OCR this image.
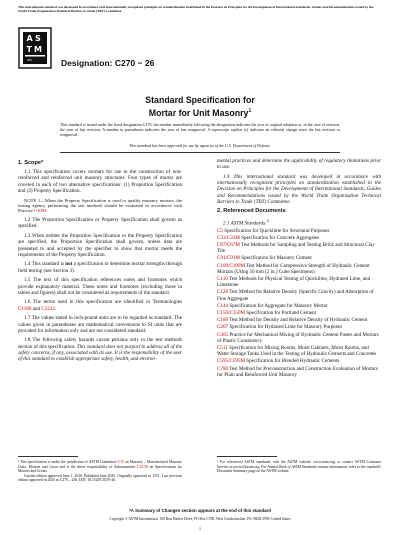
This international standard was developed in accordance with internationally recognized principles on standardization established in the Decision on Principles for the Development of International Standards, Guides and Recommendations issued by the World Trade Organization Technical Barriers to Trade (TBT) Committee.
A S
T M
INTL	Designation: C270 − 26
Standard Specification for
Mortar for Unit Masonry$^1$
This standard is issued under the fixed designation C270; the number immediately following the designation indicates the year of original adoption or, in the case of revision, the year of last revision. A number in parentheses indicates the year of last reapproval. A superscript epsilon (ε) indicates an editorial change since the last revision or reapproval.
This standard has been approved for use by agencies of the U.S. Department of Defense.
1. Scope*

1.1 This specification covers mortars for use in the construction of non-reinforced and reinforced unit masonry structures. Four types of mortar are covered in each of two alternative specifications: (1) Proportion Specification and (2) Property Specification.

NOTE 1—When the Property Specification is used to qualify masonry mortars, the testing agency performing the test methods should be evaluated in accordance with Practice C1093.

1.2 The Proportion Specification or Property Specification shall govern as specified.

1.3 When neither the Proportion Specification or the Property Specification are specified, the Proportion Specification shall govern, unless data are presented to and accepted by the specifier to show that mortar meets the requirements of the Property Specification.

1.4 This standard is not a specification to determine mortar strengths through field testing (see Section 3).

1.5 The text of this specification references notes and footnotes which provide explanatory material. These notes and footnotes (excluding those in tables and figures) shall not be considered as requirements of the standard.

1.6 The terms used in this specification are identified in Terminologies C1180 and C1232.

1.7 The values stated in inch-pound units are to be regarded as standard. The values given in parentheses are mathematical conversions to SI units that are provided for information only and are not considered standard.

1.8 The following safety hazards caveat pertains only to the test methods section of this specification: This standard does not purport to address all of the safety concerns, if any, associated with its use. It is the responsibility of the user of this standard to establish appropriate safety, health, and environ-

mental practices and determine the applicability of regulatory limitations prior to use.

1.9 This international standard was developed in accordance with internationally recognized principles on standardization established in the Decision on Principles for the Development of International Standards, Guides and Recommendations issued by the World Trade Organization Technical Barriers to Trade (TBT) Committee.

2. Referenced Documents

2.1 ASTM Standards:$^2$

C5 Specification for Quicklime for Structural Purposes
C33/C33M Specification for Concrete Aggregates
C67/C67M Test Methods for Sampling and Testing Brick and Structural Clay Tile
C91/C91M Specification for Masonry Cement
C109/C109M Test Method for Compressive Strength of Hydraulic Cement Mortars (Using 50 mm [2 in.] Cube Specimens)
C110 Test Methods for Physical Testing of Quicklime, Hydrated Lime, and Limestone
C128 Test Method for Relative Density (Specific Gravity) and Absorption of Fine Aggregate
C144 Specification for Aggregate for Masonry Mortar
C150/C150M Specification for Portland Cement
C188 Test Method for Density and Relative Density of Hydraulic Cement
C207 Specification for Hydrated Lime for Masonry Purposes
C305 Practice for Mechanical Mixing of Hydraulic Cement Pastes and Mortars of Plastic Consistency
C511 Specification for Mixing Rooms, Moist Cabinets, Moist Rooms, and Water Storage Tanks Used in the Testing of Hydraulic Cements and Concretes
C595/C595M Specification for Blended Hydraulic Cements
C780 Test Method for Preconstruction and Construction Evaluation of Mortars for Plain and Reinforced Unit Masonry
¹ This specification is under the jurisdiction of ASTM Committee C15 on Masonry – Manufactured Masonry Units, Mortars and Grout and is the direct responsibility of Subcommittee C15.30 on Specifications for Mortars and Grouts.
Current edition approved June 1, 2026. Published June 2026. Originally approved in 1951. Last previous edition approved in 2025 as C270 – 25b. DOI: 10.1520/C0270-26.
² For referenced ASTM standards, visit the ASTM website, www.astm.org, or contact ASTM Customer Service at service@astm.org. For Annual Book of ASTM Standards volume information, refer to the standard's Document Summary page on the ASTM website.
*A Summary of Changes section appears at the end of this standard
Copyright © ASTM International, 100 Barr Harbor Drive, PO Box C700, West Conshohocken, PA 19428-2959. United States
1
